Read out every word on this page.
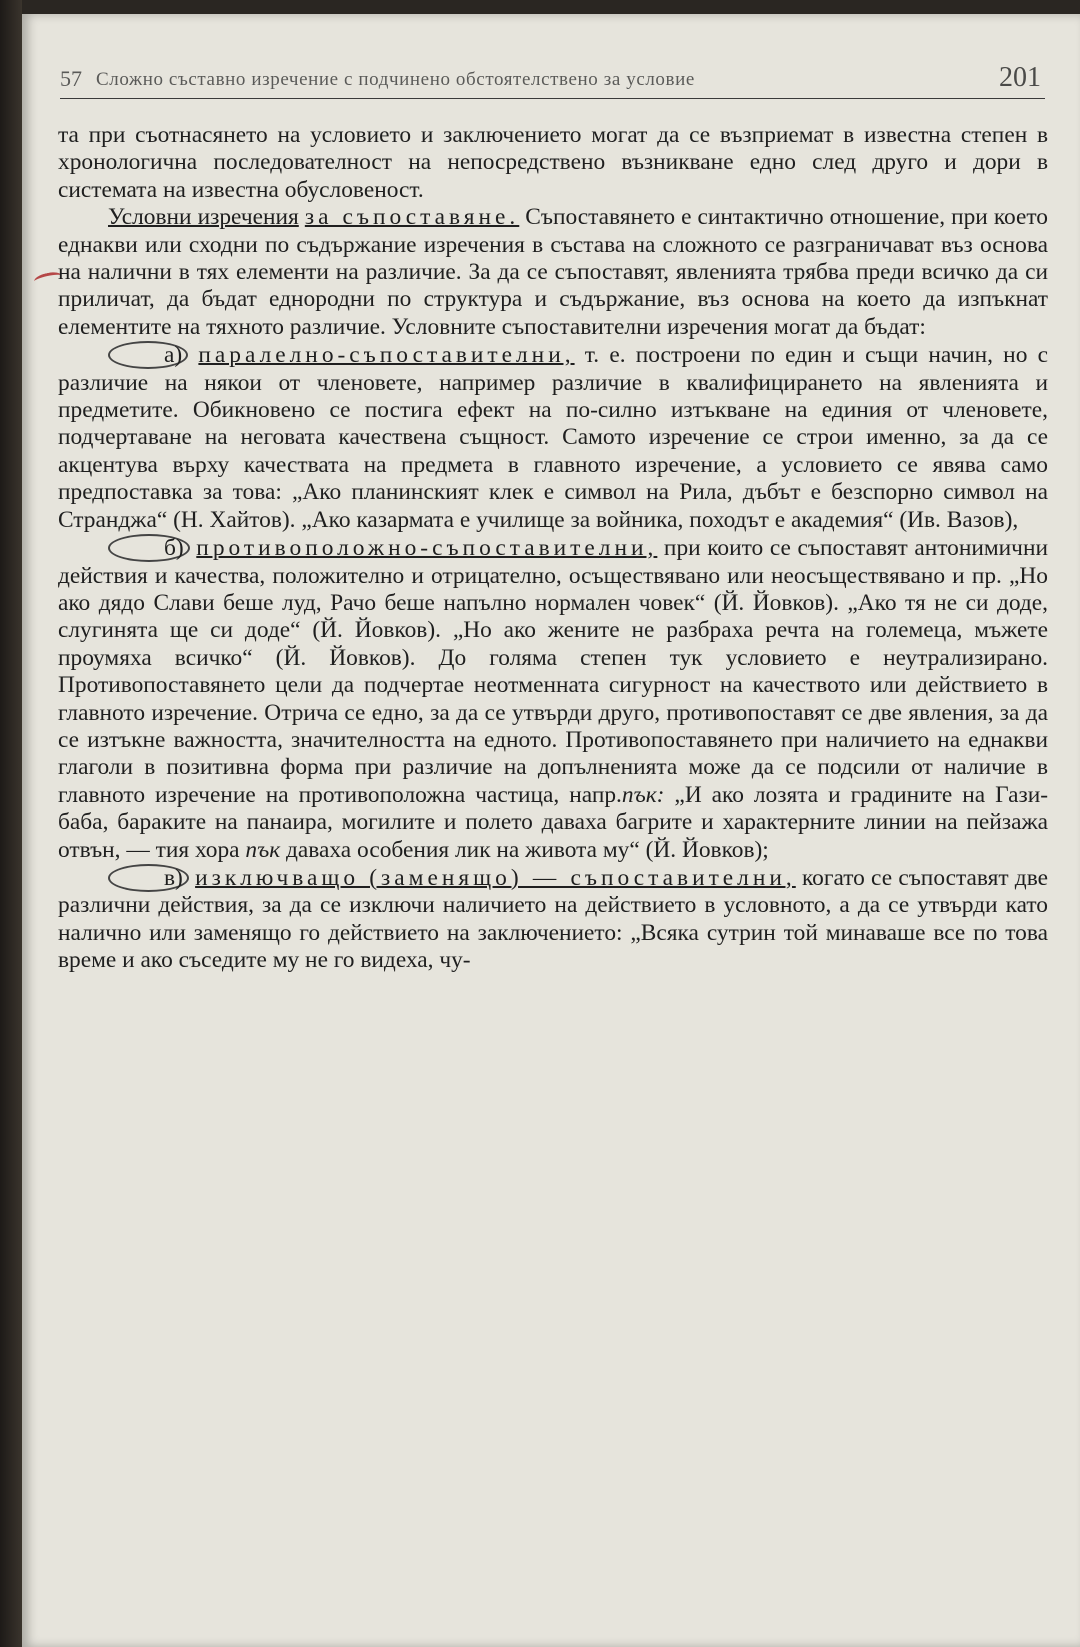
57 Сложно съставно изречение с подчинено обстоятелствено за условие	201

та при съотнасянето на условието и заключението могат да се възприемат в известна степен в хронологична последователност на непосредствено възникване едно след друго и дори в системата на известна обусловеност.

Условни изречения за съпоставяне. Съпоставянето е синтактично отношение, при което еднакви или сходни по съдържание изречения в състава на сложното се разграничават въз основа на налични в тях елементи на различие. За да се съпоставят, явленията трябва преди всичко да си приличат, да бъдат еднородни по структура и съдържание, въз основа на което да изпъкнат елементите на тяхното различие. Условните съпоставителни изречения могат да бъдат:

а) паралелно-съпоставителни, т. е. построени по един и същи начин, но с различие на някои от членовете, например различие в квалифицирането на явленията и предметите. Обикновено се постига ефект на по-силно изтъкване на единия от членовете, подчертаване на неговата качествена същност. Самото изречение се строи именно, за да се акцентува върху качествата на предмета в главното изречение, а условието се явява само предпоставка за това: „Ако планинският клек е символ на Рила, дъбът е безспорно символ на Странджа“ (Н. Хайтов). „Ако казармата е училище за войника, походът е академия“ (Ив. Вазов),

б) противоположно-съпоставителни, при които се съпоставят антонимични действия и качества, положително и отрицателно, осъществявано или неосъществявано и пр. „Но ако дядо Слави беше луд, Рачо беше напълно нормален човек“ (Й. Йовков). „Ако тя не си доде, слугинята ще си доде“ (Й. Йовков). „Но ако жените не разбраха речта на големеца, мъжете проумяха всичко“ (Й. Йовков). До голяма степен тук условието е неутрализирано. Противопоставянето цели да подчертае неотменната сигурност на качеството или действието в главното изречение. Отрича се едно, за да се утвърди друго, противопоставят се две явления, за да се изтъкне важността, значителността на едното. Противопоставянето при наличието на еднакви глаголи в позитивна форма при различие на допълненията може да се подсили от наличие в главното изречение на противоположна частица, напр.пък: „И ако лозята и градините на Гази-баба, бараките на панаира, могилите и полето даваха багрите и характерните линии на пейзажа отвън, — тия хора пък даваха особения лик на живота му“ (Й. Йовков);

в) изключващо (заменящо) — съпоставителни, когато се съпоставят две различни действия, за да се изключи наличието на действието в условното, а да се утвърди като налично или заменящо го действието на заключението: „Всяка сутрин той минаваше все по това време и ако съседите му не го видеха, чу-
